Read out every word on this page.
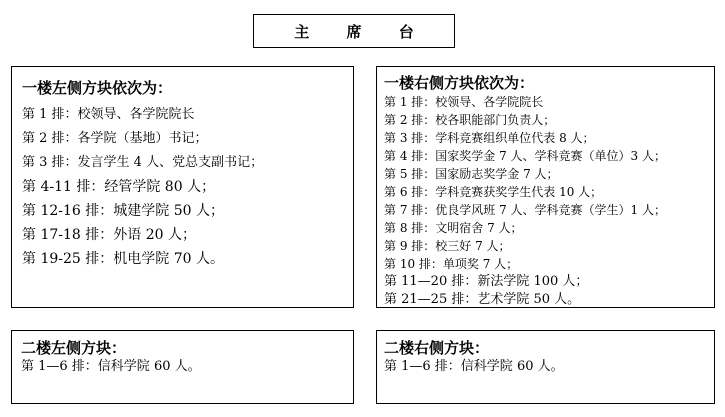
主 席 台
一楼左侧方块依次为：
第 1 排：校领导、各学院院长
第 2 排：各学院（基地）书记；
第 3 排：发言学生 4 人、党总支副书记；
第 4-11 排：经管学院 80 人；
第 12-16 排：城建学院 50 人；
第 17-18 排：外语 20 人；
第 19-25 排：机电学院 70 人。
一楼右侧方块依次为：
第 1 排：校领导、各学院院长
第 2 排：校各职能部门负责人；
第 3 排：学科竞赛组织单位代表 8 人；
第 4 排：国家奖学金 7 人、学科竞赛（单位）3 人；
第 5 排：国家励志奖学金 7 人；
第 6 排：学科竞赛获奖学生代表 10 人；
第 7 排：优良学风班 7 人、学科竞赛（学生）1 人；
第 8 排：文明宿舍 7 人；
第 9 排：校三好 7 人；
第 10 排：单项奖 7 人；
第 11—20 排：新法学院 100 人；
第 21—25 排：艺术学院 50 人。
二楼左侧方块：
第 1—6 排：信科学院 60 人。
二楼右侧方块：
第 1—6 排：信科学院 60 人。
